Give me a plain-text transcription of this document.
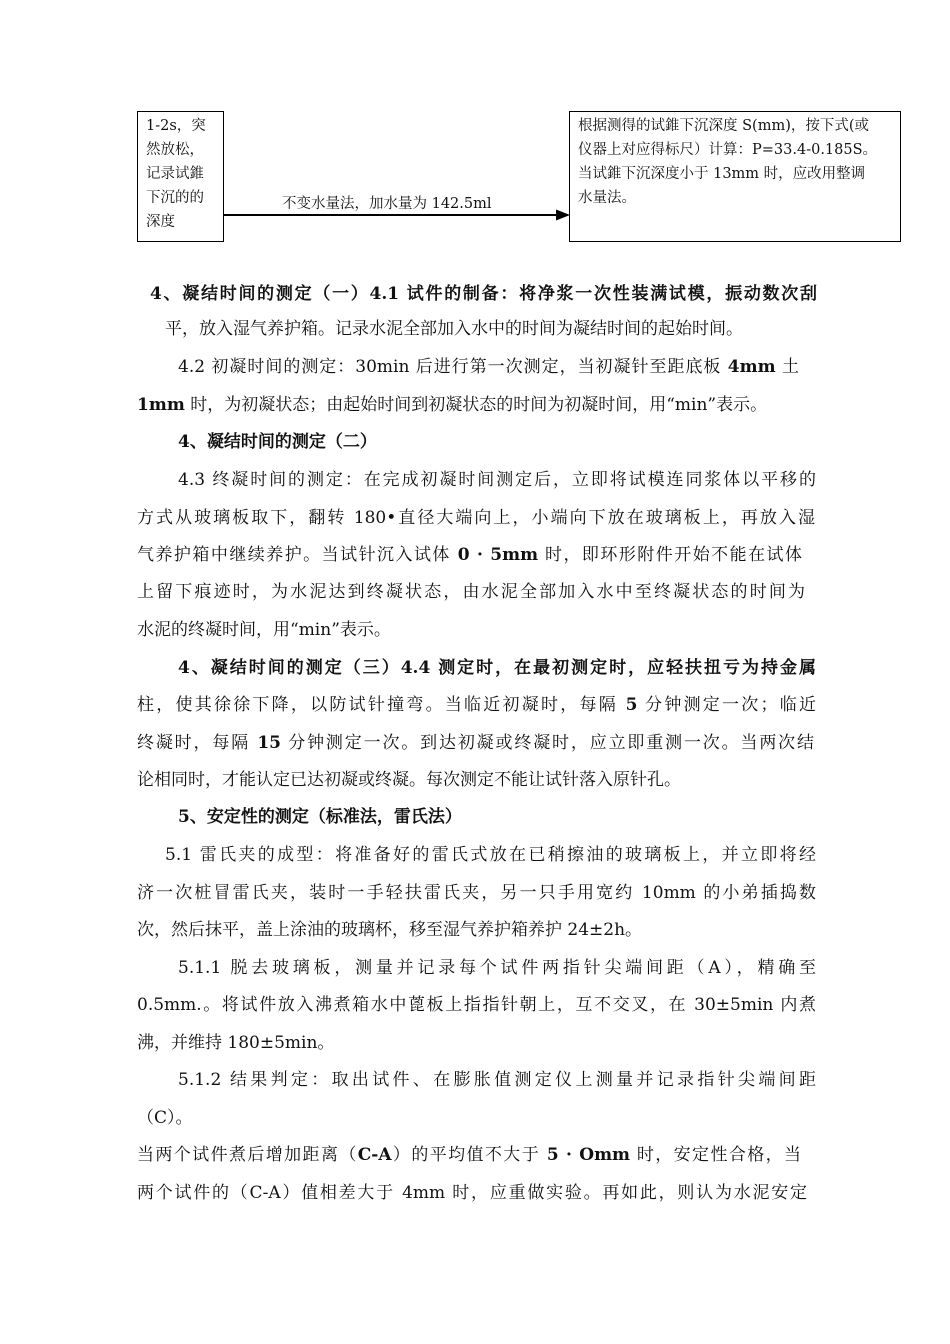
1-2s，突
然放松，
记录试錐
下沉的的
深度
不变水量法，加水量为 142.5ml
根据测得的试錐下沉深度 S(mm)，按下式(或
仪器上对应得标尺）计算：P=33.4-0.185S。
当试錐下沉深度小于 13mm 时，应改用整调
水量法。
4、凝结时间的测定（一）4.1 试件的制备：将净浆一次性装满试模，振动数次刮
平，放入湿气养护箱。记录水泥全部加入水中的时间为凝结时间的起始时间。
4.2 初凝时间的测定：30min 后进行第一次测定，当初凝针至距底板 4mm 土
1mm 时，为初凝状态；由起始时间到初凝状态的时间为初凝时间，用“min”表示。
4、凝结时间的测定（二）
4.3 终凝时间的测定：在完成初凝时间测定后，立即将试模连同浆体以平移的
方式从玻璃板取下，翻转 180•直径大端向上，小端向下放在玻璃板上，再放入湿
气养护箱中继续养护。当试针沉入试体 0 · 5mm 时，即环形附件开始不能在试体
上留下痕迹时，为水泥达到终凝状态，由水泥全部加入水中至终凝状态的时间为
水泥的终凝时间，用“min”表示。
4、凝结时间的测定（三）4.4 测定时，在最初测定时，应轻扶扭亏为持金属
柱，使其徐徐下降，以防试针撞弯。当临近初凝时，每隔 5 分钟测定一次；临近
终凝时，每隔 15 分钟测定一次。到达初凝或终凝时，应立即重测一次。当两次结
论相同时，才能认定已达初凝或终凝。每次测定不能让试针落入原针孔。
5、安定性的测定（标准法，雷氏法）
5.1 雷氏夹的成型：将准备好的雷氏式放在已稍擦油的玻璃板上，并立即将经
济一次桩冒雷氏夹，装时一手轻扶雷氏夹，另一只手用宽约 10mm 的小弟插捣数
次，然后抹平，盖上涂油的玻璃杯，移至湿气养护箱养护 24±2h。
5.1.1 脱去玻璃板，测量并记录每个试件两指针尖端间距（A），精确至
0.5mm.。将试件放入沸煮箱水中蓖板上指指针朝上，互不交叉，在 30±5min 内煮
沸，并维持 180±5min。
5.1.2 结果判定：取出试件、在膨胀值测定仪上测量并记录指针尖端间距
（C）。
当两个试件煮后增加距离（C-A）的平均值不大于 5 · Omm 时，安定性合格，当
两个试件的（C-A）值相差大于 4mm 时，应重做实验。再如此，则认为水泥安定
